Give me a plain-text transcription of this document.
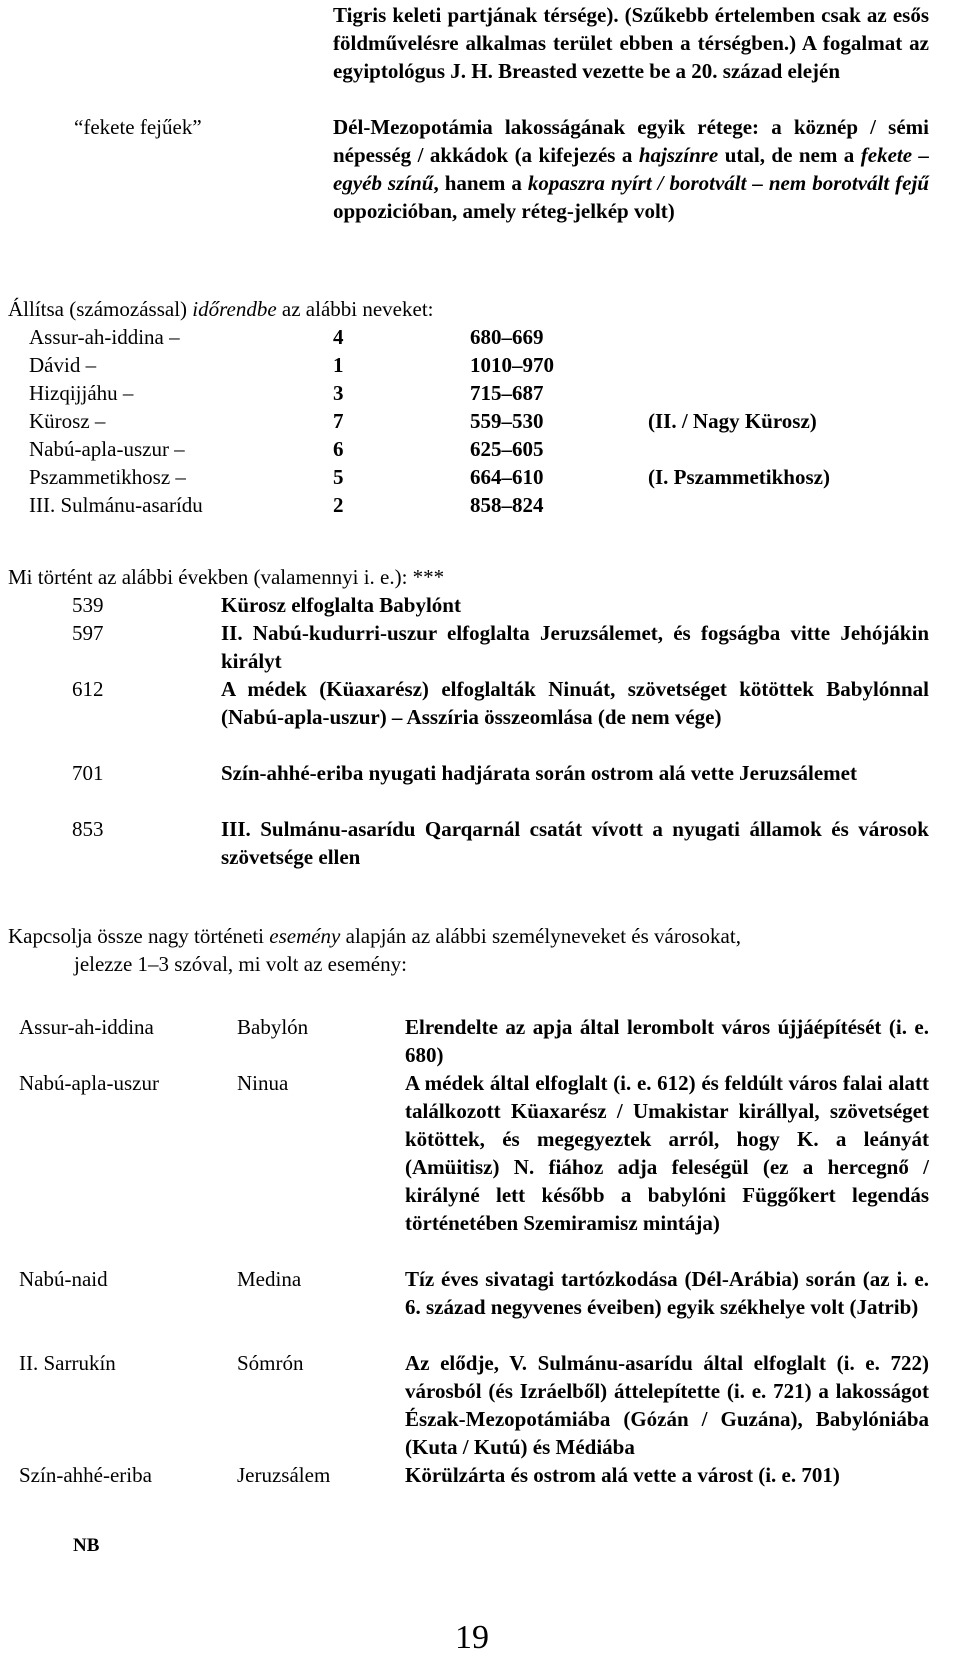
Tigris keleti partjának térsége). (Szűkebb értelemben csak az esős földművelésre alkalmas terület ebben a térségben.) A fogalmat az egyiptológus J. H. Breasted vezette be a 20. század elején
“fekete fejűek”	Dél-Mezopotámia lakosságának egyik rétege: a köznép / sémi népesség / akkádok (a kifejezés a hajszínre utal, de nem a fekete – egyéb színű, hanem a kopaszra nyírt / borotvált – nem borotvált fejű oppozicióban, amely réteg-jelkép volt)
Állítsa (számozással) időrendbe az alábbi neveket:
Assur-ah-iddina –	4	680–669
Dávid –	1	1010–970
Hizqijjáhu –	3	715–687
Kürosz –	7	559–530	(II. / Nagy Kürosz)
Nabú-apla-uszur –	6	625–605
Pszammetikhosz –	5	664–610	(I. Pszammetikhosz)
III. Sulmánu-asarídu	2	858–824
Mi történt az alábbi években (valamennyi i. e.): ***
539	Kürosz elfoglalta Babylónt
597	II. Nabú-kudurri-uszur elfoglalta Jeruzsálemet, és fogságba vitte Jehójákin királyt
612	A médek (Küaxarész) elfoglalták Ninuát, szövetséget kötöttek Babylónnal (Nabú-apla-uszur) – Asszíria összeomlása (de nem vége)
701	Szín-ahhé-eriba nyugati hadjárata során ostrom alá vette Jeruzsálemet
853	III. Sulmánu-asarídu Qarqarnál csatát vívott a nyugati államok és városok szövetsége ellen
Kapcsolja össze nagy történeti esemény alapján az alábbi személyneveket és városokat,
jelezze 1–3 szóval, mi volt az esemény:
Assur-ah-iddina	Babylón	Elrendelte az apja által lerombolt város újjáépítését (i. e. 680)
Nabú-apla-uszur	Ninua	A médek által elfoglalt (i. e. 612) és feldúlt város falai alatt találkozott Küaxarész / Umakistar királlyal, szövetséget kötöttek, és megegyeztek arról, hogy K. a leányát (Amüitisz) N. fiához adja feleségül (ez a hercegnő / királyné lett később a babylóni Függőkert legendás történetében Szemiramisz mintája)
Nabú-naid	Medina	Tíz éves sivatagi tartózkodása (Dél-Arábia) során (az i. e. 6. század negyvenes éveiben) egyik székhelye volt (Jatrib)
II. Sarrukín	Sómrón	Az elődje, V. Sulmánu-asarídu által elfoglalt (i. e. 722) városból (és Izráelből) áttelepítette (i. e. 721) a lakosságot Észak-Mezopotámiába (Gózán / Guzána), Babylóniába (Kuta / Kutú) és Médiába
Szín-ahhé-eriba	Jeruzsálem	Körülzárta és ostrom alá vette a várost (i. e. 701)
NB
19
